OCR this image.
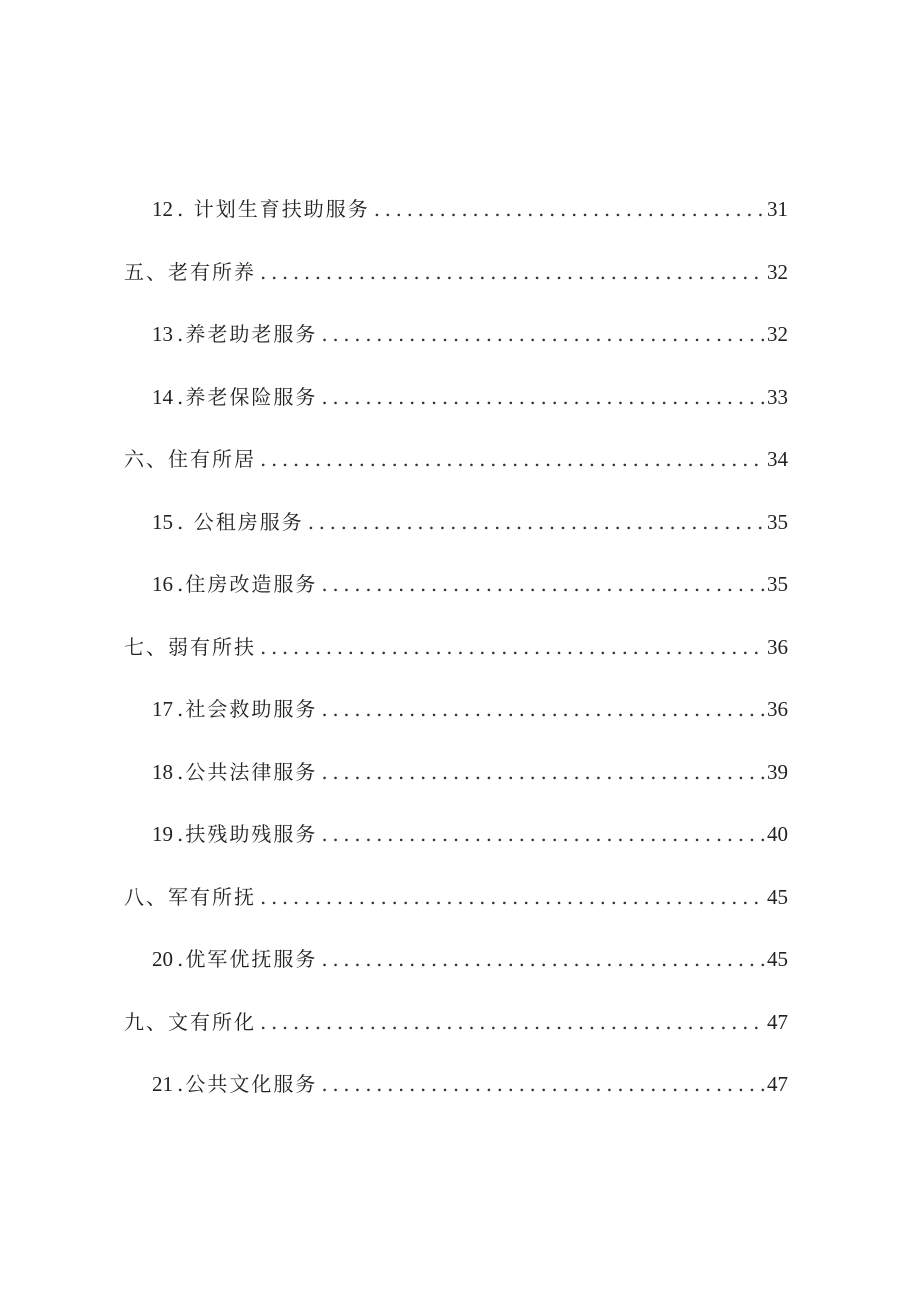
12 . 计划生育扶助服务 .....	31
五、老有所养 .....	32
13 .养老助老服务 .....	32
14 .养老保险服务 .....	33
六、住有所居 .....	34
15 . 公租房服务 .....	35
16 .住房改造服务 .....	35
七、弱有所扶 .....	36
17 .社会救助服务 .....	36
18 .公共法律服务 .....	39
19 .扶残助残服务 .....	40
八、军有所抚 .....	45
20 .优军优抚服务 .....	45
九、文有所化 .....	47
21 .公共文化服务 .....	47
